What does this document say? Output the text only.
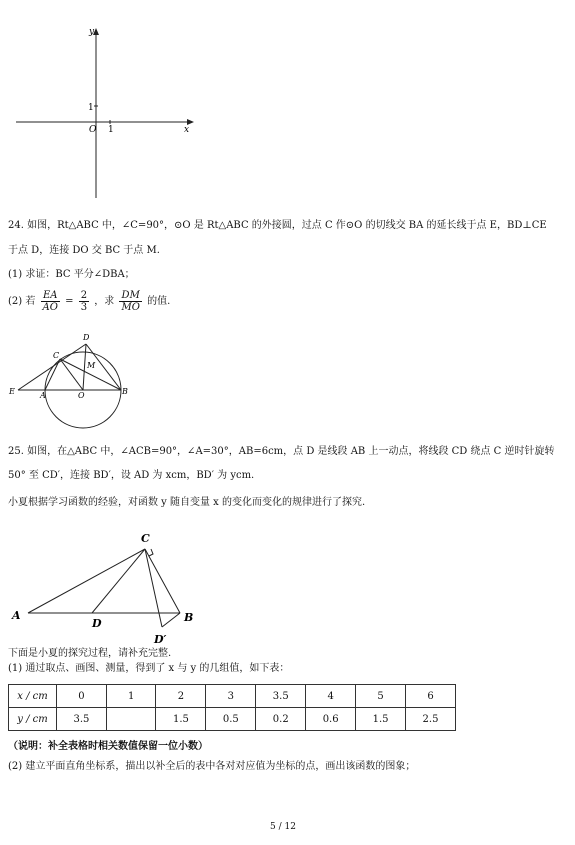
y
x
O 1
1
24. 如图，Rt△ABC 中，∠C=90°，⊙O 是 Rt△ABC 的外接圆，过点 C 作⊙O 的切线交 BA 的延长线于点 E，BD⊥CE
于点 D，连接 DO 交 BC 于点 M.
(1) 求证：BC 平分∠DBA；
(2) 若 $\frac{EA}{AO} = \frac{2}{3}$ ，求 $\frac{DM}{MO}$ 的值.
D
C
M
E	A	O	B
25. 如图，在△ABC 中，∠ACB=90°，∠A=30°，AB=6cm，点 D 是线段 AB 上一动点，将线段 CD 绕点 C 逆时针旋转
50° 至 CD′，连接 BD′，设 AD 为 xcm，BD′ 为 ycm.
小夏根据学习函数的经验，对函数 y 随自变量 x 的变化而变化的规律进行了探究.
C
A
D	B
D′
下面是小夏的探究过程，请补充完整.
(1) 通过取点、画图、测量，得到了 x 与 y 的几组值，如下表：
x / cm	0	1	2	3	3.5	4	5	6
y / cm	3.5		1.5	0.5	0.2	0.6	1.5	2.5
（说明：补全表格时相关数值保留一位小数）
(2) 建立平面直角坐标系，描出以补全后的表中各对对应值为坐标的点，画出该函数的图象；
5 / 12
